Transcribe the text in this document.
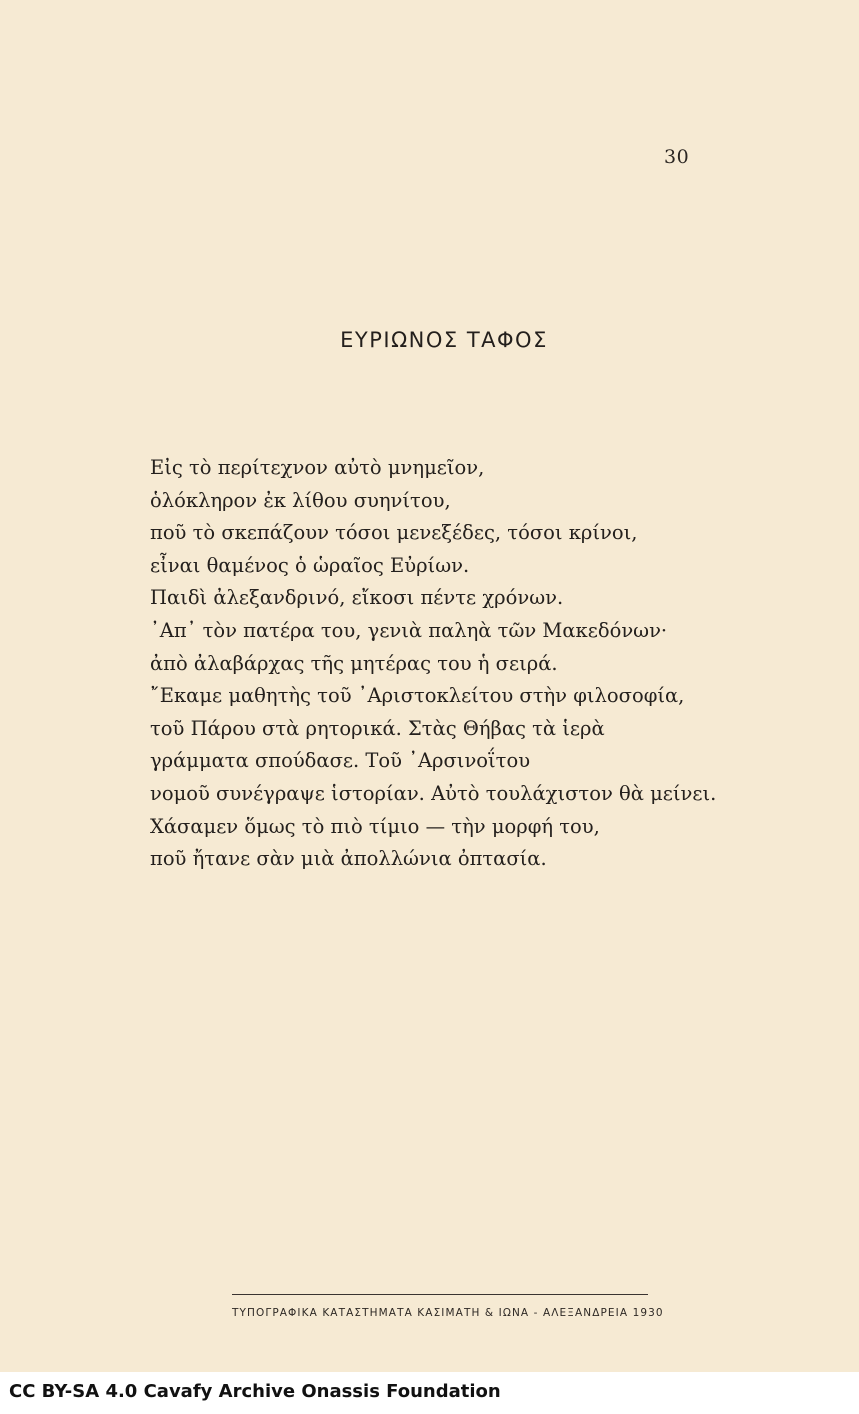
30
ΕΥΡΙΩΝΟΣ ΤΑΦΟΣ
Εἰς τὸ περίτεχνον αὐτὸ μνημεῖον,
ὁλόκληρον ἐκ λίθου συηνίτου,
ποῦ τὸ σκεπάζουν τόσοι μενεξέδες, τόσοι κρίνοι,
εἶναι θαμένος ὁ ὡραῖος Εὐρίων.
Παιδὶ ἀλεξανδρινό, εἴκοσι πέντε χρόνων.
᾿Απ᾿ τὸν πατέρα του, γενιὰ παληὰ τῶν Μακεδόνων·
ἀπὸ ἀλαβάρχας τῆς μητέρας του ἡ σειρά.
῎Εκαμε μαθητὴς τοῦ ᾿Αριστοκλείτου στὴν φιλοσοφία,
τοῦ Πάρου στὰ ρητορικά. Στὰς Θήβας τὰ ἱερὰ
γράμματα σπούδασε. Τοῦ ᾿Αρσινοΐτου
νομοῦ συνέγραψε ἱστορίαν. Αὐτὸ τουλάχιστον θὰ μείνει.
Χάσαμεν ὅμως τὸ πιὸ τίμιο — τὴν μορφή του,
ποῦ ἤτανε σὰν μιὰ ἀπολλώνια ὀπτασία.
ΤΥΠΟΓΡΑΦΙΚΑ ΚΑΤΑΣΤΗΜΑΤΑ ΚΑΣΙΜΑΤΗ & ΙΩΝΑ - ΑΛΕΞΑΝΔΡΕΙΑ 1930
CC BY-SA 4.0 Cavafy Archive Onassis Foundation
